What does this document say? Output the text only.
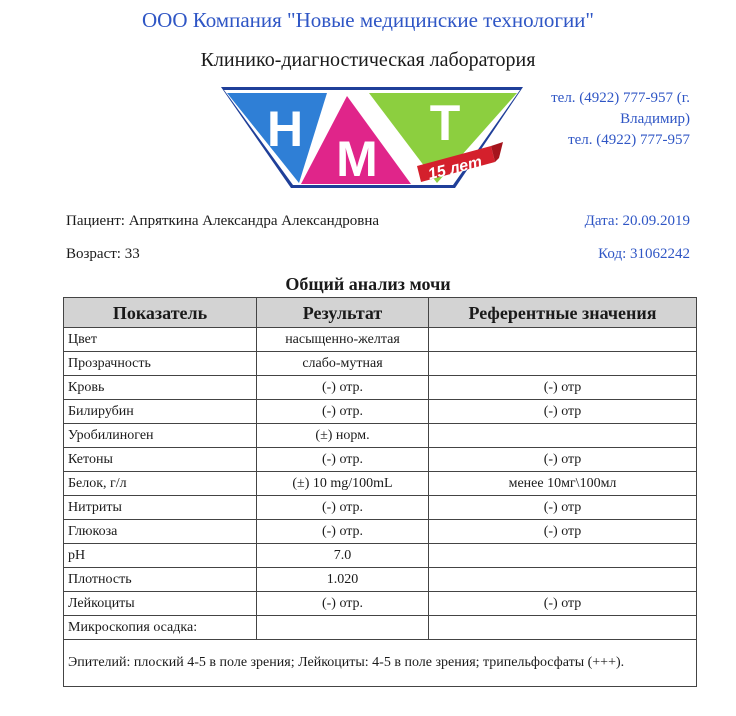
ООО Компания "Новые медицинские технологии"
Клинико-диагностическая лаборатория
Н
М
Т
15 лет
тел. (4922) 777-957 (г. Владимир)
тел. (4922) 777-957
Пациент: Апряткина Александра Александровна
Возраст: 33
Дата: 20.09.2019
Код: 31062242
Общий анализ мочи
Показатель	Результат	Референтные значения
Цвет	насыщенно-желтая	
Прозрачность	слабо-мутная	
Кровь	(-) отр.	(-) отр
Билирубин	(-) отр.	(-) отр
Уробилиноген	(±) норм.	
Кетоны	(-) отр.	(-) отр
Белок, г/л	(±) 10 mg/100mL	менее 10мг\100мл
Нитриты	(-) отр.	(-) отр
Глюкоза	(-) отр.	(-) отр
pH	7.0	
Плотность	1.020	
Лейкоциты	(-) отр.	(-) отр
Микроскопия осадка:		
Эпителий: плоский 4-5 в поле зрения; Лейкоциты: 4-5 в поле зрения; трипельфосфаты (+++).		
